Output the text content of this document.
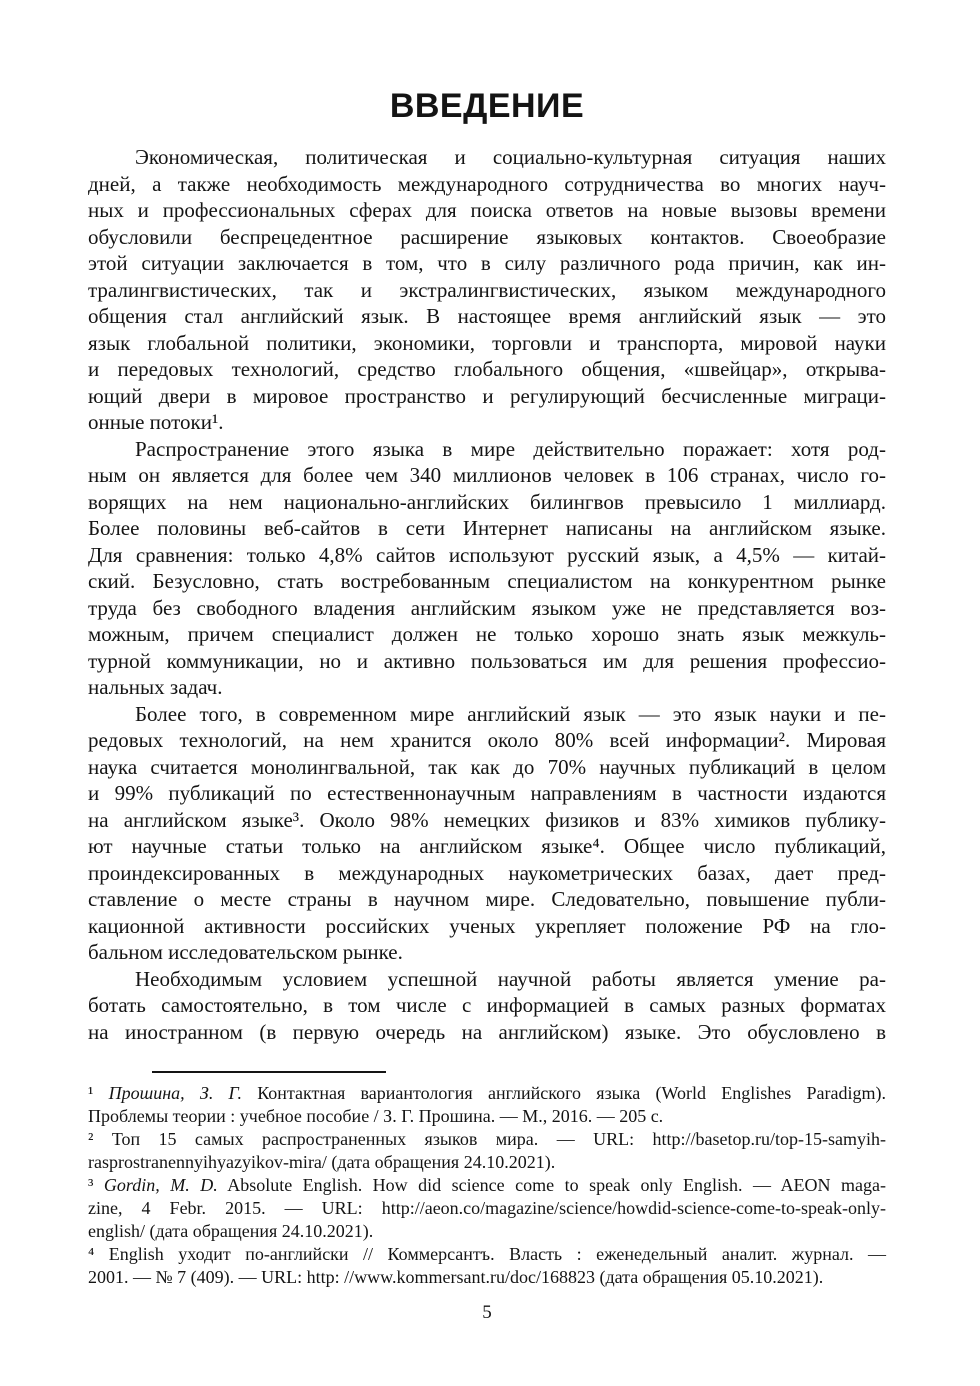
ВВЕДЕНИЕ
Экономическая, политическая и социально-культурная ситуация наших
дней, а также необходимость международного сотрудничества во многих науч-
ных и профессиональных сферах для поиска ответов на новые вызовы времени
обусловили беспрецедентное расширение языковых контактов. Своеобразие
этой ситуации заключается в том, что в силу различного рода причин, как ин-
тралингвистических, так и экстралингвистических, языком международного
общения стал английский язык. В настоящее время английский язык — это
язык глобальной политики, экономики, торговли и транспорта, мировой науки
и передовых технологий, средство глобального общения, «швейцар», открыва-
ющий двери в мировое пространство и регулирующий бесчисленные миграци-
онные потоки¹.
Распространение этого языка в мире действительно поражает: хотя род-
ным он является для более чем 340 миллионов человек в 106 странах, число го-
ворящих на нем национально-английских билингвов превысило 1 миллиард.
Более половины веб-сайтов в сети Интернет написаны на английском языке.
Для сравнения: только 4,8% сайтов используют русский язык, а 4,5% — китай-
ский. Безусловно, стать востребованным специалистом на конкурентном рынке
труда без свободного владения английским языком уже не представляется воз-
можным, причем специалист должен не только хорошо знать язык межкуль-
турной коммуникации, но и активно пользоваться им для решения профессио-
нальных задач.
Более того, в современном мире английский язык — это язык науки и пе-
редовых технологий, на нем хранится около 80% всей информации². Мировая
наука считается монолингвальной, так как до 70% научных публикаций в целом
и 99% публикаций по естественнонаучным направлениям в частности издаются
на английском языке³. Около 98% немецких физиков и 83% химиков публику-
ют научные статьи только на английском языке⁴. Общее число публикаций,
проиндексированных в международных наукометрических базах, дает пред-
ставление о месте страны в научном мире. Следовательно, повышение публи-
кационной активности российских ученых укрепляет положение РФ на гло-
бальном исследовательском рынке.
Необходимым условием успешной научной работы является умение ра-
ботать самостоятельно, в том числе с информацией в самых разных форматах
на иностранном (в первую очередь на английском) языке. Это обусловлено в
¹ Прошина, З. Г. Контактная вариантология английского языка (World Englishes Paradigm).
Проблемы теории : учебное пособие / З. Г. Прошина. — М., 2016. — 205 с.
² Топ 15 самых распространенных языков мира. — URL: http://basetop.ru/top-15-samyih-
rasprostranennyihyazyikov-mira/ (дата обращения 24.10.2021).
³ Gordin, M. D. Absolute English. How did science come to speak only English. — AEON maga-
zine, 4 Febr. 2015. — URL: http://aeon.co/magazine/science/howdid-science-come-to-speak-only-
english/ (дата обращения 24.10.2021).
⁴ English уходит по-английски // Коммерсантъ. Власть : еженедельный аналит. журнал. —
2001. — № 7 (409). — URL: http: //www.kommersant.ru/doc/168823 (дата обращения 05.10.2021).
5
